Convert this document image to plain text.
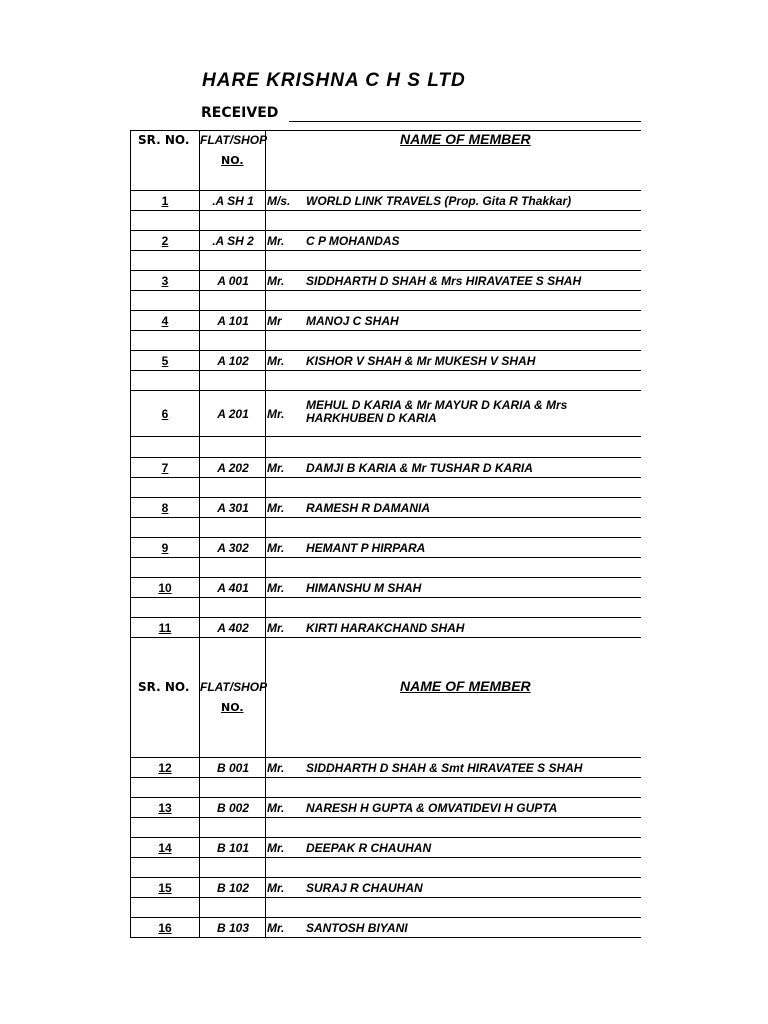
HARE KRISHNA C H S LTD
RECEIVED
SR. NO. FLAT/SHOP
NO.
NAME OF MEMBER
SR. NO. FLAT/SHOP
NO.
NAME OF MEMBER
1	.A SH 1	M/s.	WORLD LINK TRAVELS (Prop. Gita R Thakkar)
2	.A SH 2	Mr.	C P MOHANDAS
3	A 001	Mr.	SIDDHARTH D SHAH & Mrs HIRAVATEE S SHAH
4	A 101	Mr	MANOJ C SHAH
5	A 102	Mr.	KISHOR V SHAH & Mr MUKESH V SHAH
6	A 201	Mr.
MEHUL D KARIA & Mr MAYUR D KARIA & Mrs HARKHUBEN D KARIA
7	A 202	Mr.	DAMJI B KARIA & Mr TUSHAR D KARIA
8	A 301	Mr.	RAMESH R DAMANIA
9	A 302	Mr.	HEMANT P HIRPARA
10	A 401	Mr.	HIMANSHU M SHAH
11	A 402	Mr.	KIRTI HARAKCHAND SHAH
12	B 001	Mr.	SIDDHARTH D SHAH & Smt HIRAVATEE S SHAH
13	B 002	Mr.	NARESH H GUPTA & OMVATIDEVI H GUPTA
14	B 101	Mr.	DEEPAK R CHAUHAN
15	B 102	Mr.	SURAJ R CHAUHAN
16	B 103	Mr.	SANTOSH BIYANI
